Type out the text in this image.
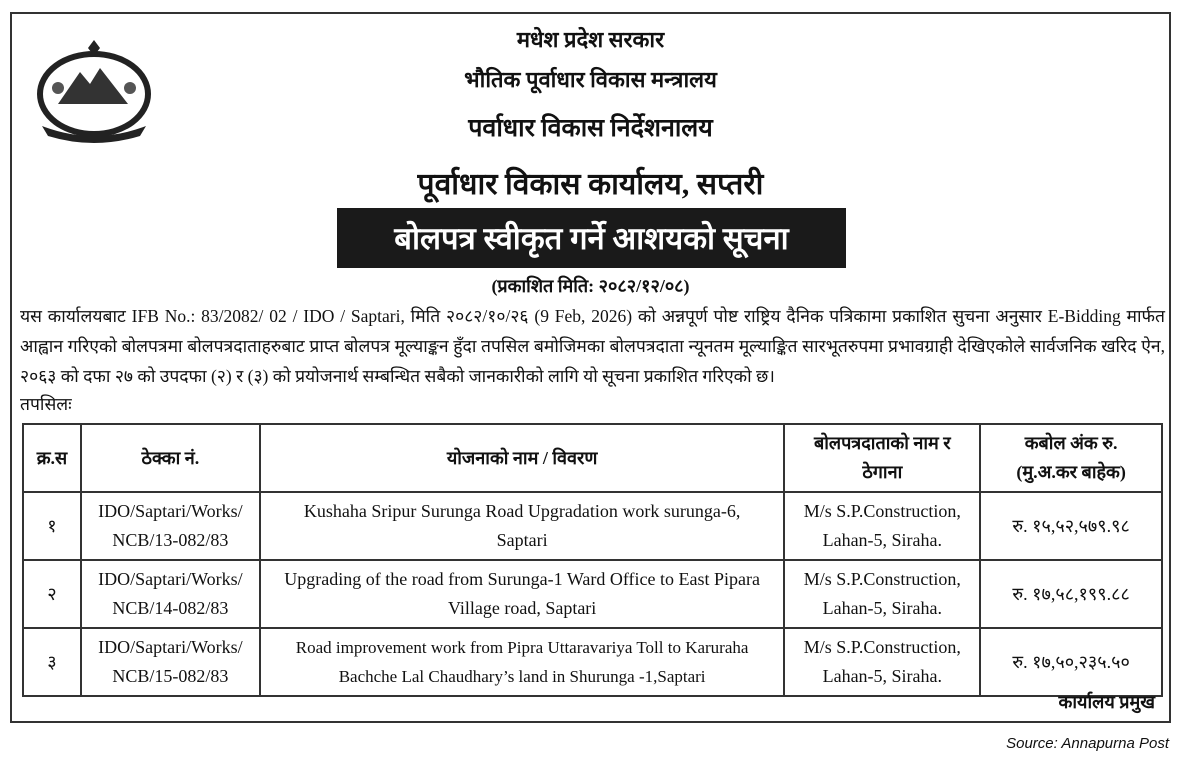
मधेश प्रदेश सरकार
भौतिक पूर्वाधार विकास मन्त्रालय
पर्वाधार विकास निर्देशनालय
पूर्वाधार विकास कार्यालय, सप्तरी
बोलपत्र स्वीकृत गर्ने आशयको सूचना
(प्रकाशित मिति: २०८२/१२/०८)
यस कार्यालयबाट IFB No.: 83/2082/ 02 / IDO / Saptari, मिति २०८२/१०/२६ (9 Feb, 2026) को अन्नपूर्ण पोष्ट राष्ट्रिय दैनिक पत्रिकामा प्रकाशित सुचना अनुसार E-Bidding मार्फत आह्वान गरिएको बोलपत्रमा बोलपत्रदाताहरुबाट प्राप्त बोलपत्र मूल्याङ्कन हुँदा तपसिल बमोजिमका बोलपत्रदाता न्यूनतम मूल्याङ्कित सारभूतरुपमा प्रभावग्राही देखिएकोले सार्वजनिक खरिद ऐन, २०६३ को दफा २७ को उपदफा (२) र (३) को प्रयोजनार्थ सम्बन्धित सबैको जानकारीको लागि यो सूचना प्रकाशित गरिएको छ।
तपसिलः
क्र.स	ठेक्का नं.	योजनाको नाम / विवरण	बोलपत्रदाताको नाम र ठेगाना	कबोल अंक रु. (मु.अ.कर बाहेक)
१	IDO/Saptari/Works/ NCB/13-082/83	Kushaha Sripur Surunga Road Upgradation work surunga-6, Saptari	M/s S.P.Construction, Lahan-5, Siraha.	रु. १५,५२,५७९.९८
२	IDO/Saptari/Works/ NCB/14-082/83	Upgrading of the road from Surunga-1 Ward Office to East Pipara Village road, Saptari	M/s S.P.Construction, Lahan-5, Siraha.	रु. १७,५८,१९९.८८
३	IDO/Saptari/Works/ NCB/15-082/83	Road improvement work from Pipra Uttaravariya Toll to Karuraha Bachche Lal Chaudhary’s land in Shurunga -1,Saptari	M/s S.P.Construction, Lahan-5, Siraha.	रु. १७,५०,२३५.५०
कार्यालय प्रमुख
Source: Annapurna Post
